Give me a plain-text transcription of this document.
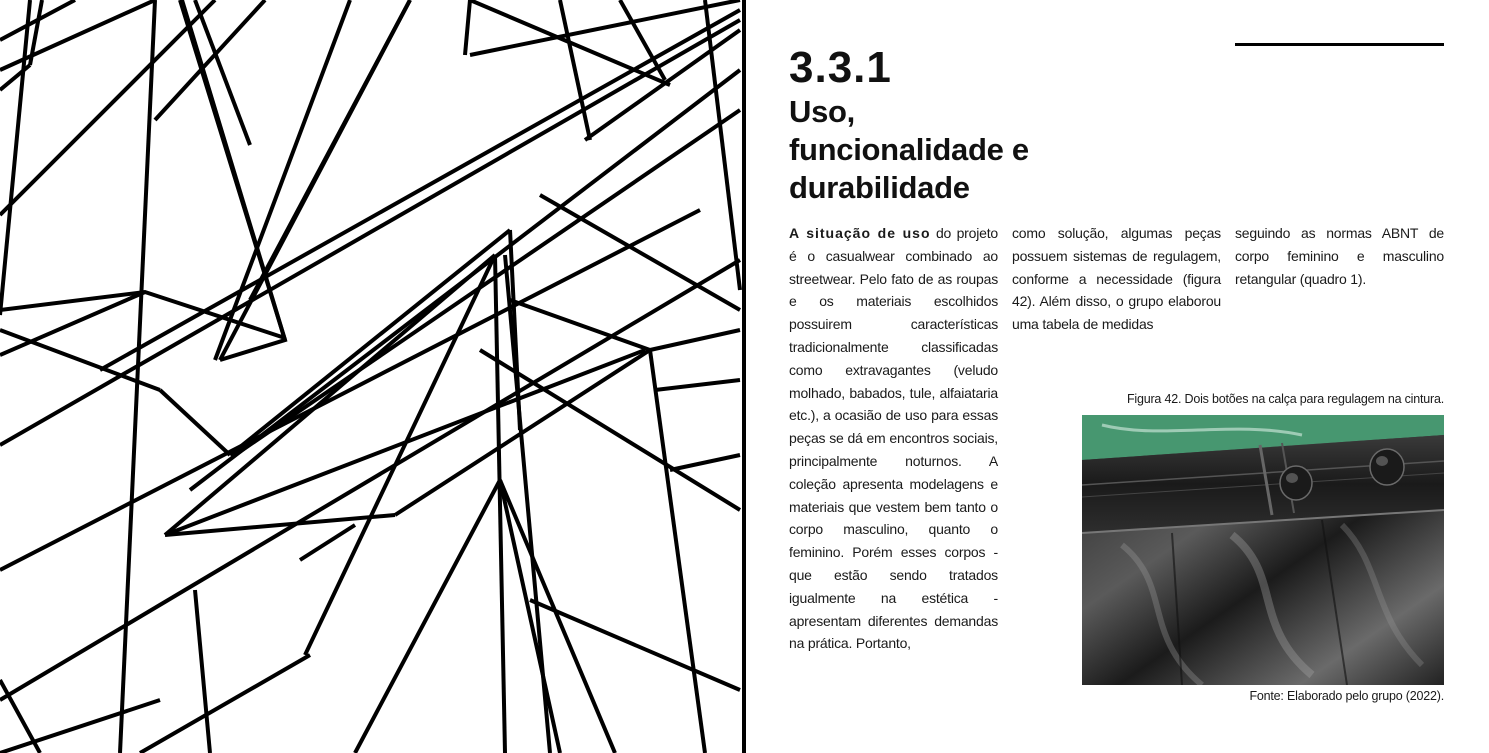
3.3.1
Uso, funcionalidade e durabilidade

A situação de uso do projeto é o casualwear combinado ao streetwear. Pelo fato de as roupas e os materiais escolhidos possuirem características tradicionalmente classificadas como extravagantes (veludo molhado, babados, tule, alfaiataria etc.), a ocasião de uso para essas peças se dá em encontros sociais, principalmente noturnos. A coleção apresenta modelagens e materiais que vestem bem tanto o corpo masculino, quanto o feminino. Porém esses corpos - que estão sendo tratados igualmente na estética - apresentam diferentes demandas na prática. Portanto,

como solução, algumas peças possuem sistemas de regulagem, conforme a necessidade (figura 42). Além disso, o grupo elaborou uma tabela de medidas

seguindo as normas ABNT de corpo feminino e masculino retangular (quadro 1).

Figura 42. Dois botões na calça para regulagem na cintura.
Fonte: Elaborado pelo grupo (2022).
